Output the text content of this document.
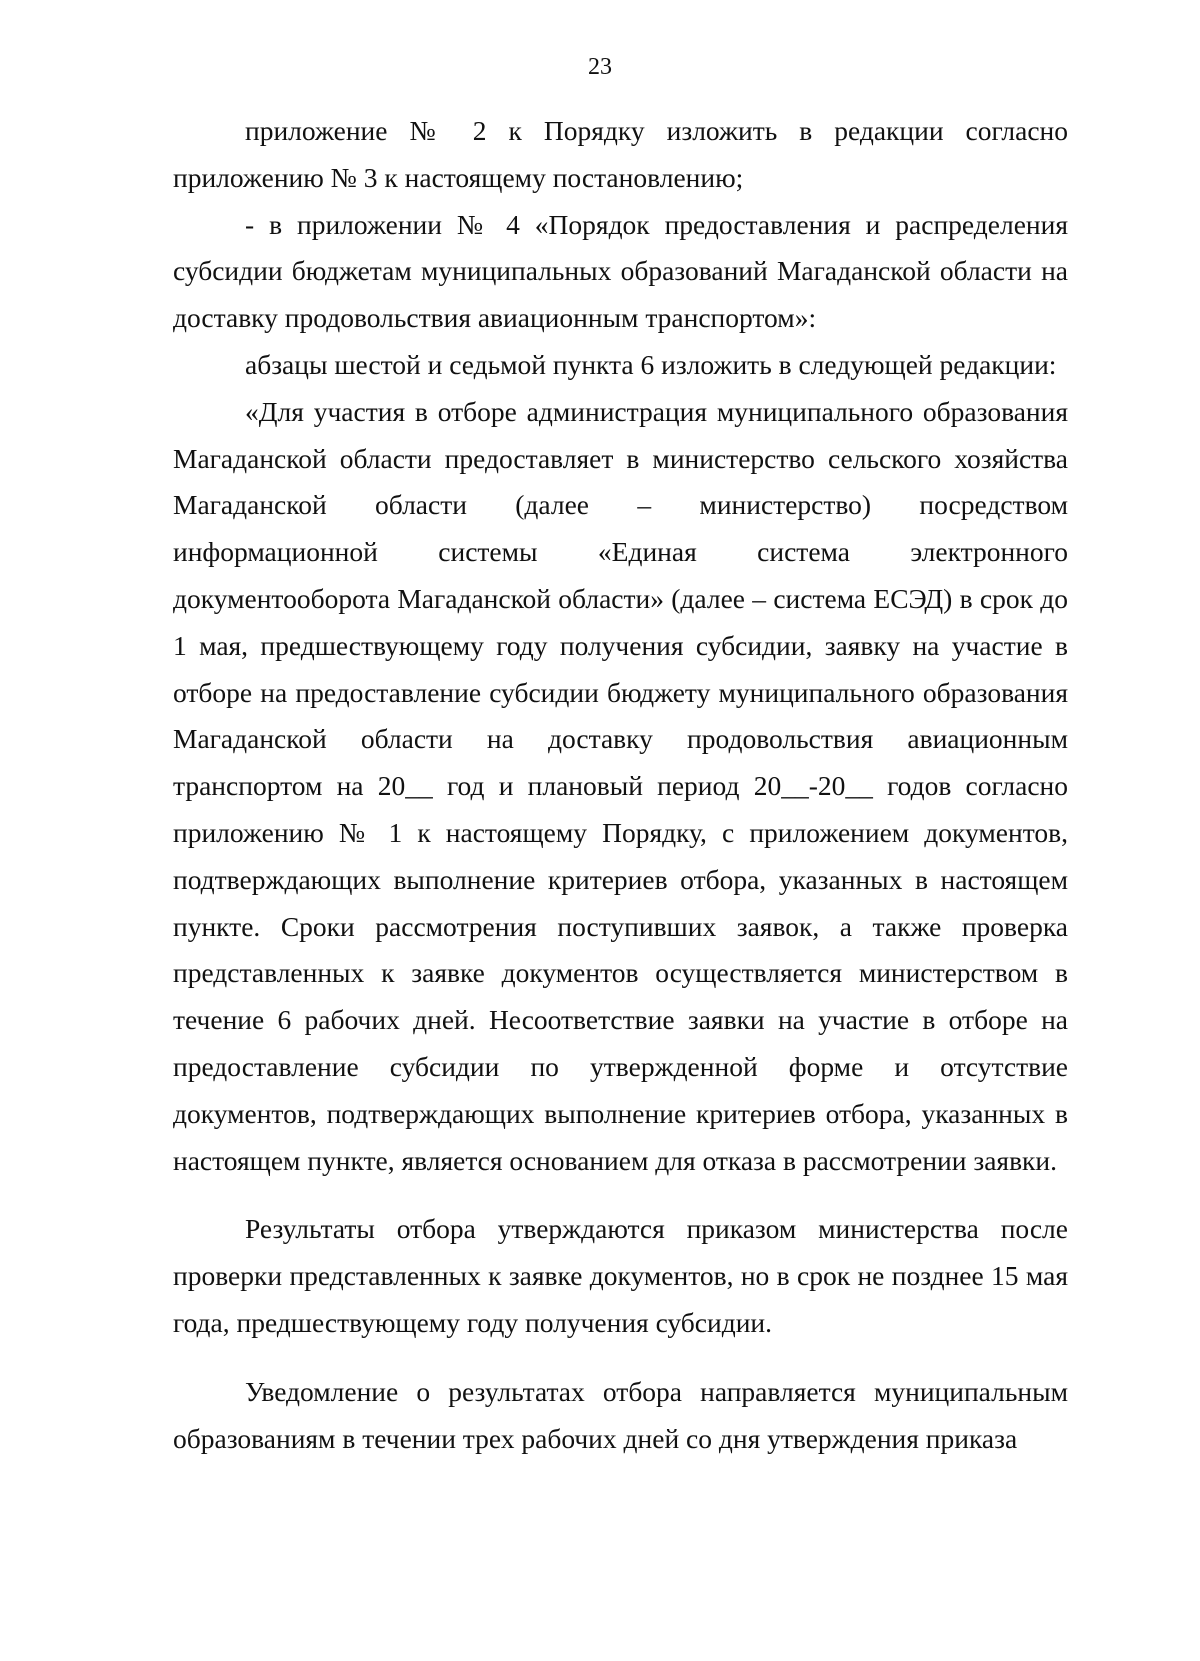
23

приложение № 2 к Порядку изложить в редакции согласно приложению № 3 к настоящему постановлению;

- в приложении № 4 «Порядок предоставления и распределения субсидии бюджетам муниципальных образований Магаданской области на доставку продовольствия авиационным транспортом»:

абзацы шестой и седьмой пункта 6 изложить в следующей редакции:

«Для участия в отборе администрация муниципального образования Магаданской области предоставляет в министерство сельского хозяйства Магаданской области (далее – министерство) посредством информационной системы «Единая система электронного документооборота Магаданской области» (далее – система ЕСЭД) в срок до 1 мая, предшествующему году получения субсидии, заявку на участие в отборе на предоставление субсидии бюджету муниципального образования Магаданской области на доставку продовольствия авиационным транспортом на 20__ год и плановый период 20__-20__ годов согласно приложению № 1 к настоящему Порядку, с приложением документов, подтверждающих выполнение критериев отбора, указанных в настоящем пункте. Сроки рассмотрения поступивших заявок, а также проверка представленных к заявке документов осуществляется министерством в течение 6 рабочих дней. Несоответствие заявки на участие в отборе на предоставление субсидии по утвержденной форме и отсутствие документов, подтверждающих выполнение критериев отбора, указанных в настоящем пункте, является основанием для отказа в рассмотрении заявки.

Результаты отбора утверждаются приказом министерства после проверки представленных к заявке документов, но в срок не позднее 15 мая года, предшествующему году получения субсидии.

Уведомление о результатах отбора направляется муниципальным образованиям в течении трех рабочих дней со дня утверждения приказа
